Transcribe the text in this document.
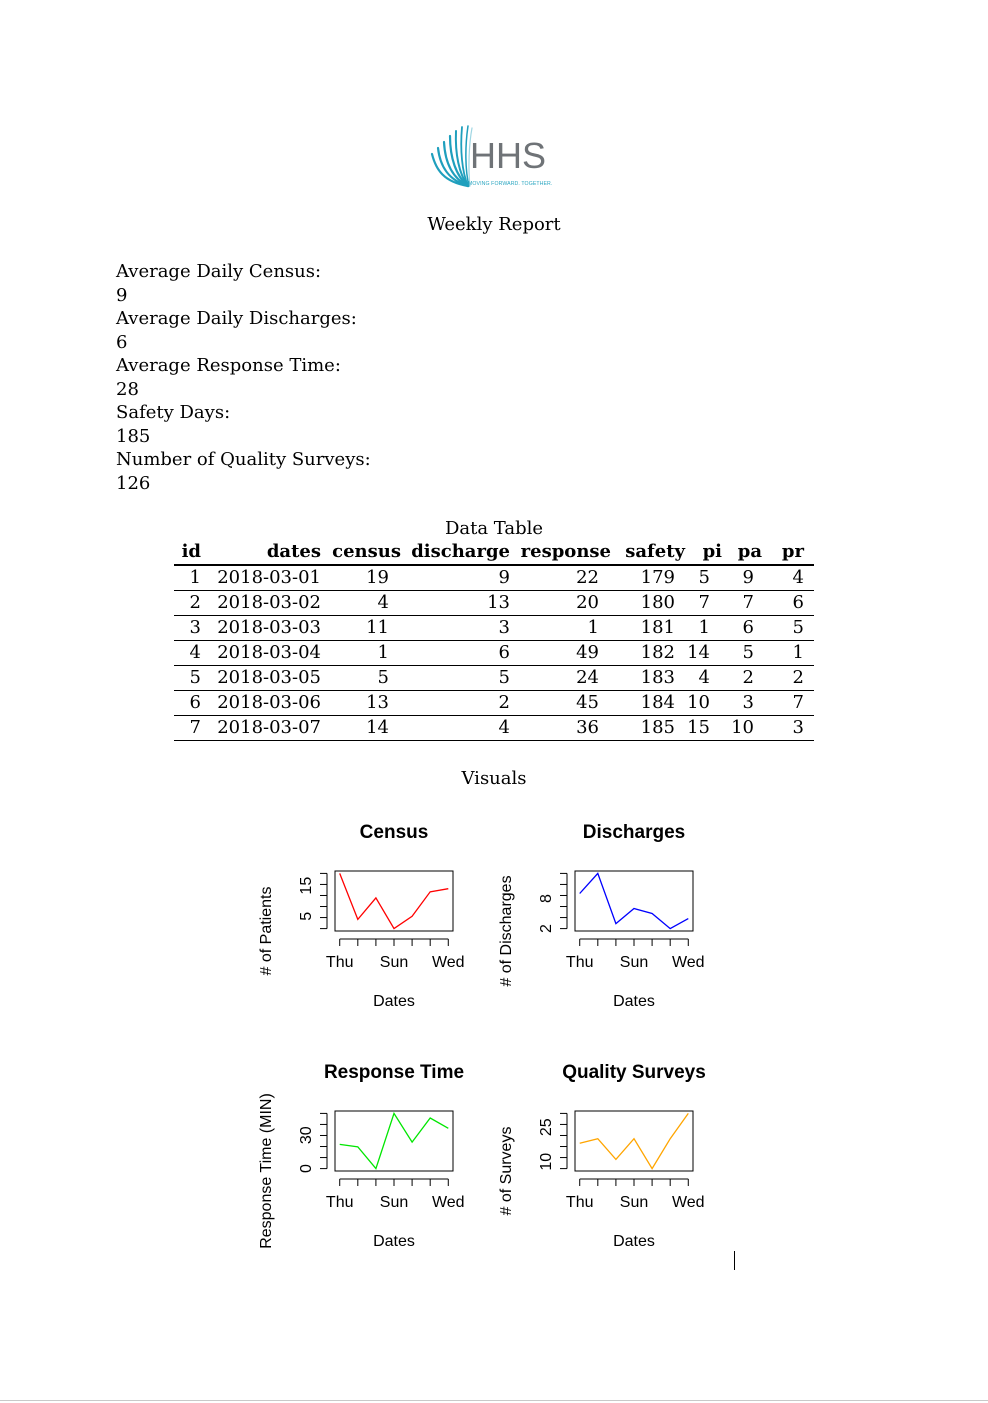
HHS
MOVING FORWARD. TOGETHER.
Weekly Report
Average Daily Census:
9
Average Daily Discharges:
6
Average Response Time:
28
Safety Days:
185
Number of Quality Surveys:
126
Data Table
id	dates	census	discharge	response	safety	pi	pa	pr
1	2018-03-01	19	9	22	179	5	9	4
2	2018-03-02	4	13	20	180	7	7	6
3	2018-03-03	11	3	1	181	1	6	5
4	2018-03-04	1	6	49	182	14	5	1
5	2018-03-05	5	5	24	183	4	2	2
6	2018-03-06	13	2	45	184	10	3	7
7	2018-03-07	14	4	36	185	15	10	3
Visuals
Census
Thu Sun Wed
5
15
Dates
# of Patients
Discharges
Thu Sun Wed
2
8
Dates
# of Discharges
Response Time
Thu Sun Wed
0
30
Dates
Response Time (MIN)
Quality Surveys
Thu Sun Wed
10
25
Dates
# of Surveys
